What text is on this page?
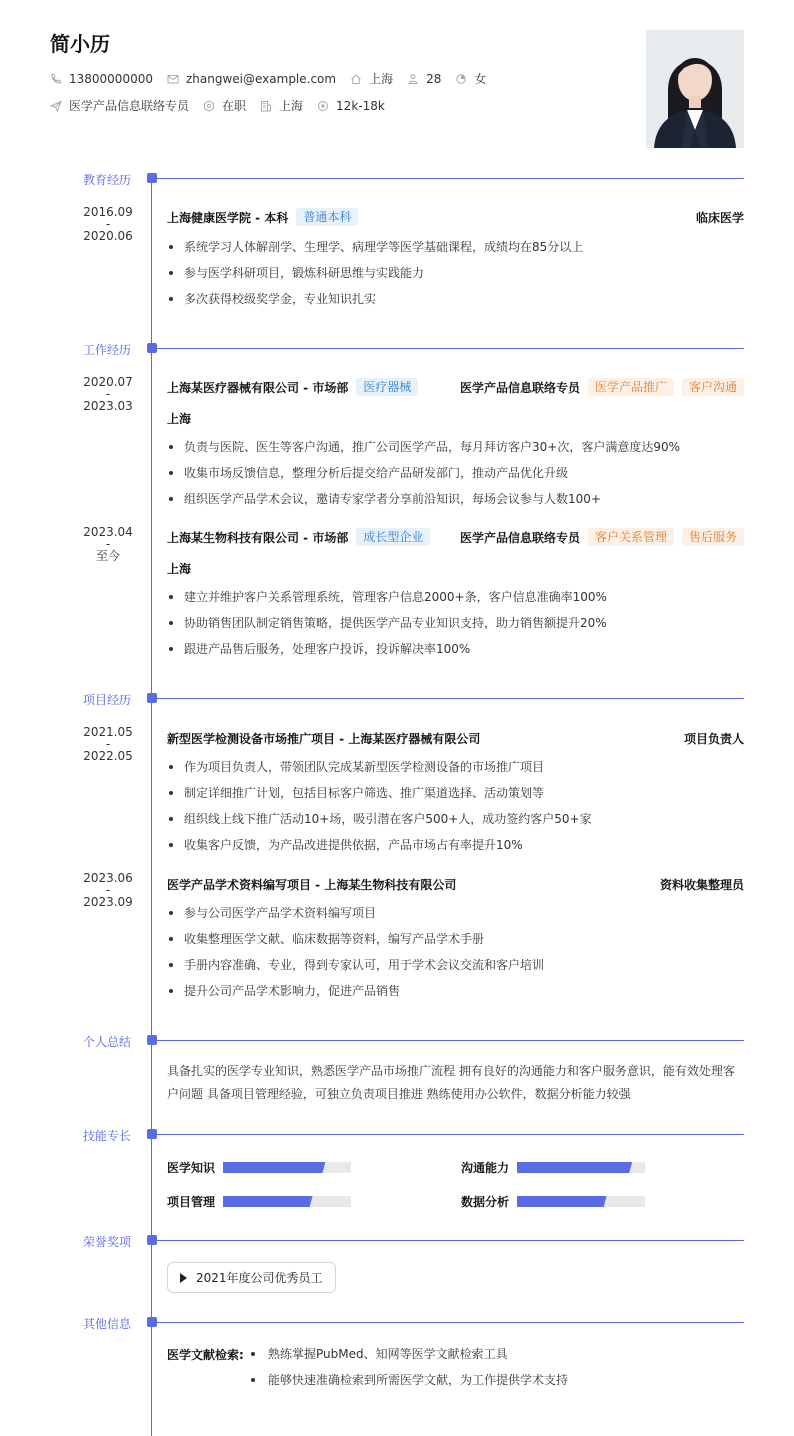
简小历
13800000000	zhangwei@example.com	上海	28	女
医学产品信息联络专员	在职	上海	12k-18k
教育经历
2016.09
-
2020.06
上海健康医学院 - 本科	普通本科	临床医学
系统学习人体解剖学、生理学、病理学等医学基础课程，成绩均在85分以上
参与医学科研项目，锻炼科研思维与实践能力
多次获得校级奖学金，专业知识扎实
工作经历
2020.07
-
2023.03
上海某医疗器械有限公司 - 市场部	医疗器械	医学产品信息联络专员	医学产品推广	客户沟通
上海
负责与医院、医生等客户沟通，推广公司医学产品，每月拜访客户30+次，客户满意度达90%
收集市场反馈信息，整理分析后提交给产品研发部门，推动产品优化升级
组织医学产品学术会议，邀请专家学者分享前沿知识，每场会议参与人数100+
2023.04
-
至今
上海某生物科技有限公司 - 市场部	成长型企业	医学产品信息联络专员	客户关系管理	售后服务
上海
建立并维护客户关系管理系统，管理客户信息2000+条，客户信息准确率100%
协助销售团队制定销售策略，提供医学产品专业知识支持，助力销售额提升20%
跟进产品售后服务，处理客户投诉，投诉解决率100%
项目经历
2021.05
-
2022.05
新型医学检测设备市场推广项目 - 上海某医疗器械有限公司	项目负责人
作为项目负责人，带领团队完成某新型医学检测设备的市场推广项目
制定详细推广计划，包括目标客户筛选、推广渠道选择、活动策划等
组织线上线下推广活动10+场，吸引潜在客户500+人，成功签约客户50+家
收集客户反馈，为产品改进提供依据，产品市场占有率提升10%
2023.06
-
2023.09
医学产品学术资料编写项目 - 上海某生物科技有限公司	资料收集整理员
参与公司医学产品学术资料编写项目
收集整理医学文献、临床数据等资料，编写产品学术手册
手册内容准确、专业，得到专家认可，用于学术会议交流和客户培训
提升公司产品学术影响力，促进产品销售
个人总结
具备扎实的医学专业知识，熟悉医学产品市场推广流程 拥有良好的沟通能力和客户服务意识，能有效处理客户问题 具备项目管理经验，可独立负责项目推进 熟练使用办公软件，数据分析能力较强
技能专长
医学知识	沟通能力
项目管理	数据分析
荣誉奖项
2021年度公司优秀员工
其他信息
医学文献检索:	熟练掌握PubMed、知网等医学文献检索工具
能够快速准确检索到所需医学文献，为工作提供学术支持
